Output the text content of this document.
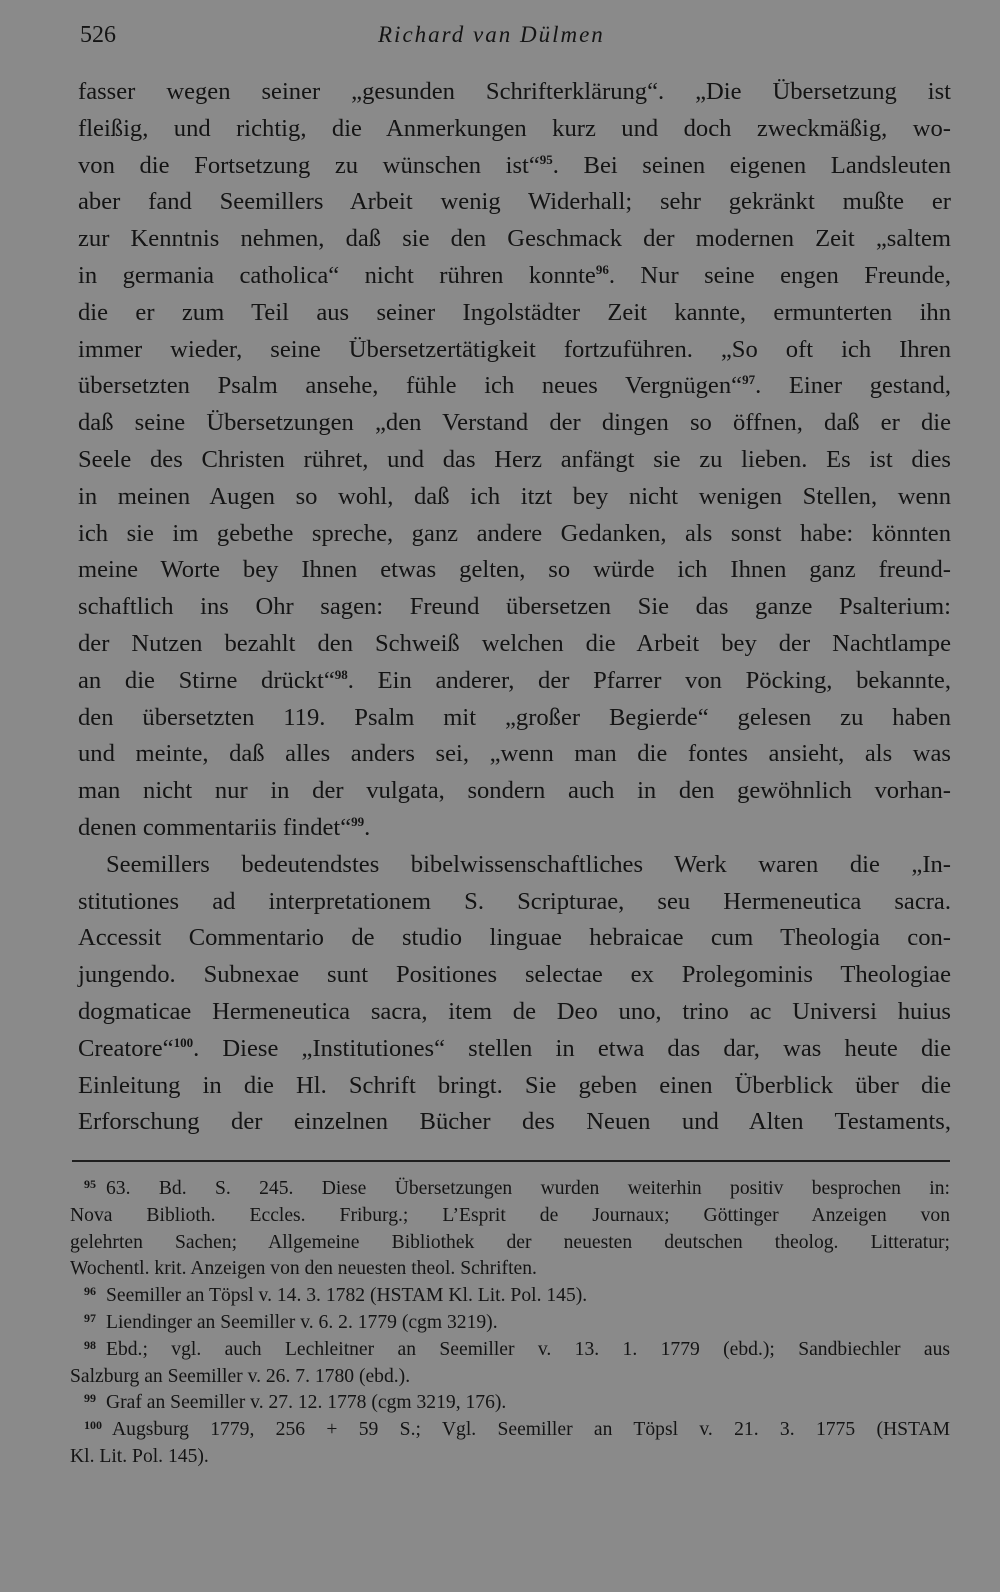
526	Richard van Dülmen
fasser wegen seiner „gesunden Schrifterklärung“. „Die Übersetzung ist
fleißig, und richtig, die Anmerkungen kurz und doch zweckmäßig, wo-
von die Fortsetzung zu wünschen ist“$^{95}$. Bei seinen eigenen Landsleuten
aber fand Seemillers Arbeit wenig Widerhall; sehr gekränkt mußte er
zur Kenntnis nehmen, daß sie den Geschmack der modernen Zeit „saltem
in germania catholica“ nicht rühren konnte$^{96}$. Nur seine engen Freunde,
die er zum Teil aus seiner Ingolstädter Zeit kannte, ermunterten ihn
immer wieder, seine Übersetzertätigkeit fortzuführen. „So oft ich Ihren
übersetzten Psalm ansehe, fühle ich neues Vergnügen“$^{97}$. Einer gestand,
daß seine Übersetzungen „den Verstand der dingen so öffnen, daß er die
Seele des Christen rühret, und das Herz anfängt sie zu lieben. Es ist dies
in meinen Augen so wohl, daß ich itzt bey nicht wenigen Stellen, wenn
ich sie im gebethe spreche, ganz andere Gedanken, als sonst habe: könnten
meine Worte bey Ihnen etwas gelten, so würde ich Ihnen ganz freund-
schaftlich ins Ohr sagen: Freund übersetzen Sie das ganze Psalterium:
der Nutzen bezahlt den Schweiß welchen die Arbeit bey der Nachtlampe
an die Stirne drückt“$^{98}$. Ein anderer, der Pfarrer von Pöcking, bekannte,
den übersetzten 119. Psalm mit „großer Begierde“ gelesen zu haben
und meinte, daß alles anders sei, „wenn man die fontes ansieht, als was
man nicht nur in der vulgata, sondern auch in den gewöhnlich vorhan-
denen commentariis findet“$^{99}$.
Seemillers bedeutendstes bibelwissenschaftliches Werk waren die „In-
stitutiones ad interpretationem S. Scripturae, seu Hermeneutica sacra.
Accessit Commentario de studio linguae hebraicae cum Theologia con-
jungendo. Subnexae sunt Positiones selectae ex Prolegominis Theologiae
dogmaticae Hermeneutica sacra, item de Deo uno, trino ac Universi huius
Creatore“$^{100}$. Diese „Institutiones“ stellen in etwa das dar, was heute die
Einleitung in die Hl. Schrift bringt. Sie geben einen Überblick über die
Erforschung der einzelnen Bücher des Neuen und Alten Testaments,
$^{95}$ 63. Bd. S. 245. Diese Übersetzungen wurden weiterhin positiv besprochen in:
Nova Biblioth. Eccles. Friburg.; L’Esprit de Journaux; Göttinger Anzeigen von
gelehrten Sachen; Allgemeine Bibliothek der neuesten deutschen theolog. Litteratur;
Wochentl. krit. Anzeigen von den neuesten theol. Schriften.
$^{96}$ Seemiller an Töpsl v. 14. 3. 1782 (HSTAM Kl. Lit. Pol. 145).
$^{97}$ Liendinger an Seemiller v. 6. 2. 1779 (cgm 3219).
$^{98}$ Ebd.; vgl. auch Lechleitner an Seemiller v. 13. 1. 1779 (ebd.); Sandbiechler aus
Salzburg an Seemiller v. 26. 7. 1780 (ebd.).
$^{99}$ Graf an Seemiller v. 27. 12. 1778 (cgm 3219, 176).
$^{100}$ Augsburg 1779, 256 + 59 S.; Vgl. Seemiller an Töpsl v. 21. 3. 1775 (HSTAM
Kl. Lit. Pol. 145).
